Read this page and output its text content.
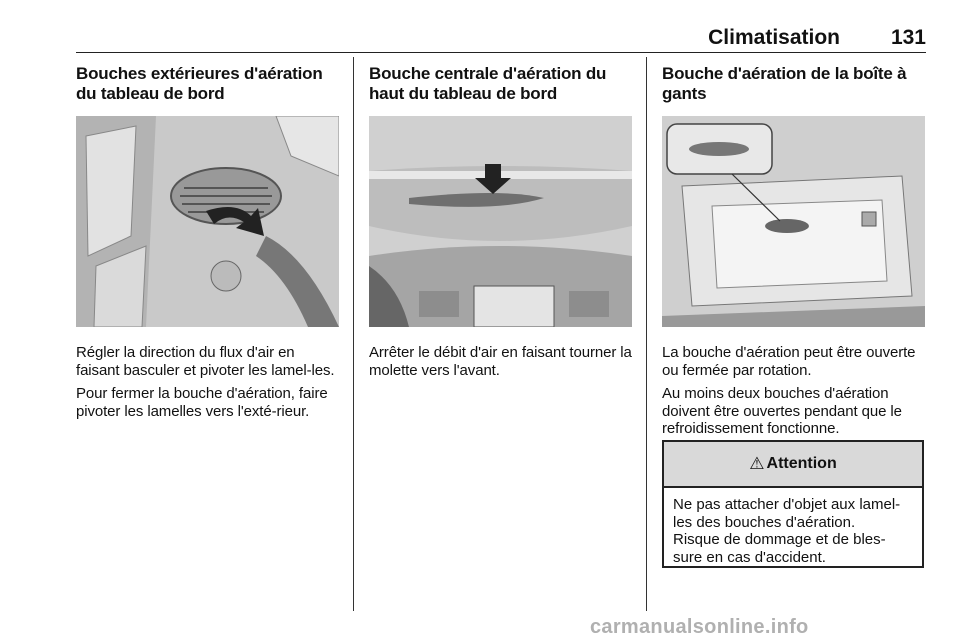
Climatisation	131
Bouches extérieures d'aération du tableau de bord

Régler la direction du flux d'air en faisant basculer et pivoter les lamel-les.

Pour fermer la bouche d'aération, faire pivoter les lamelles vers l'exté-rieur.

Bouche centrale d'aération du haut du tableau de bord

Arrêter le débit d'air en faisant tourner la molette vers l'avant.

Bouche d'aération de la boîte à gants

La bouche d'aération peut être ouverte ou fermée par rotation.

Au moins deux bouches d'aération doivent être ouvertes pendant que le refroidissement fonctionne.

⚠ Attention
Ne pas attacher d'objet aux lamel-les des bouches d'aération.
Risque de dommage et de bles-sure en cas d'accident.
carmanualsonline.info
